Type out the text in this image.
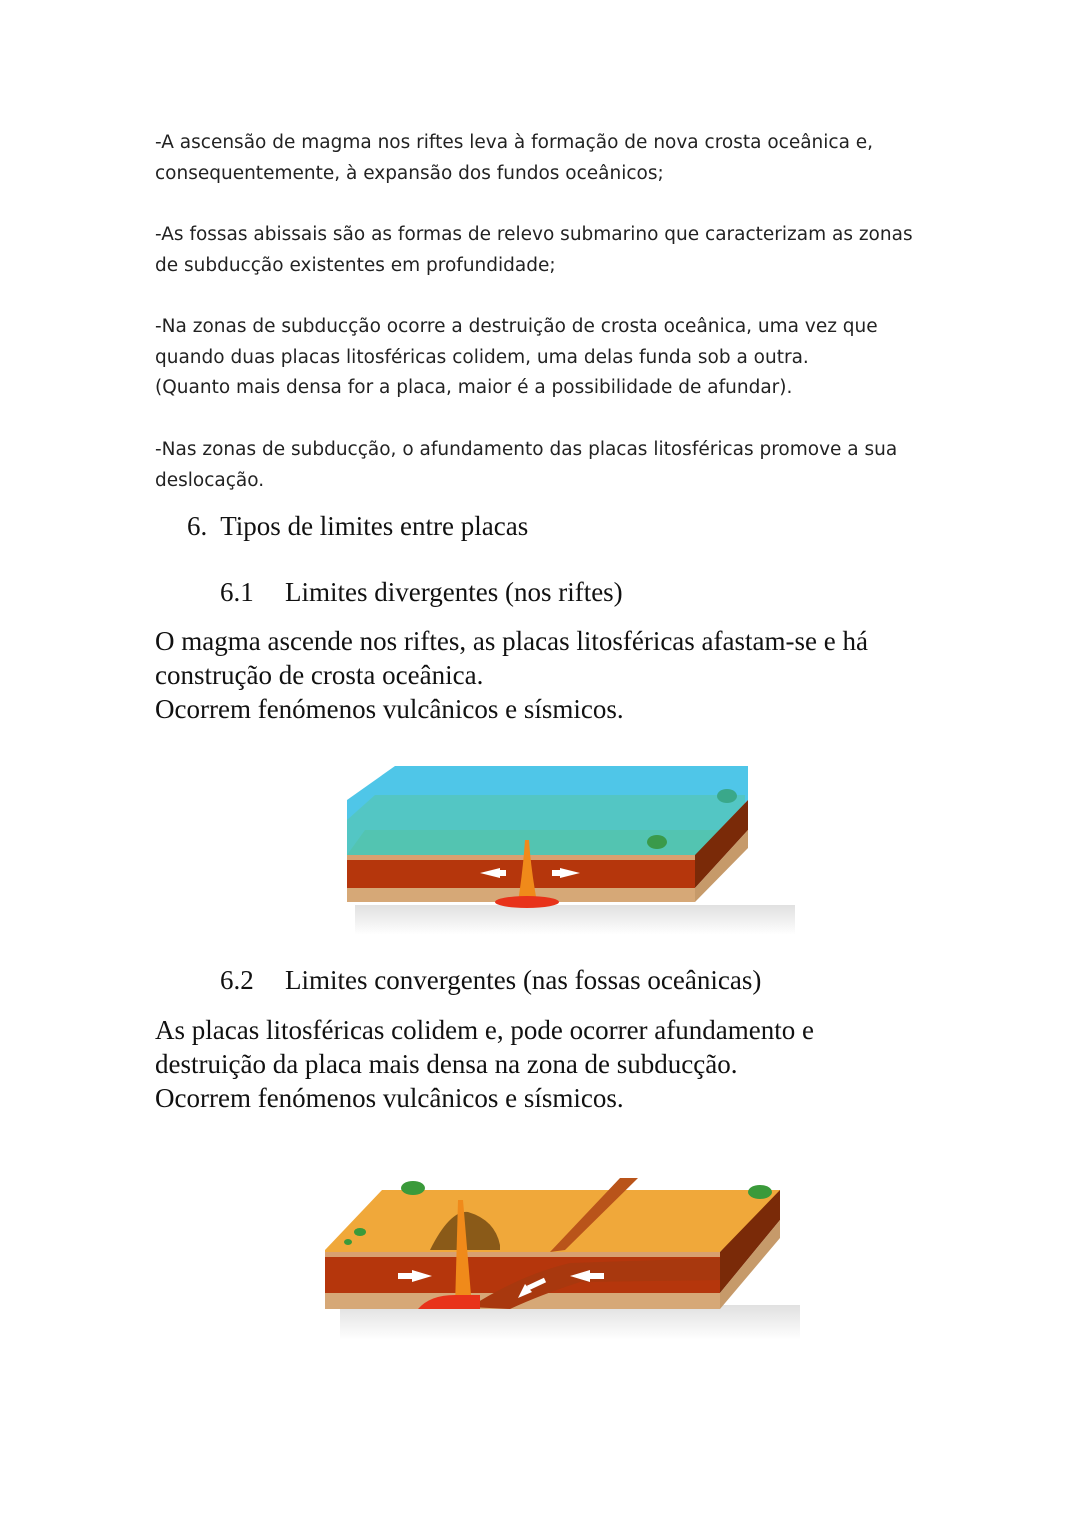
-A ascensão de magma nos riftes leva à formação de nova crosta oceânica e,
consequentemente, à expansão dos fundos oceânicos;
-As fossas abissais são as formas de relevo submarino que caracterizam as zonas
de subducção existentes em profundidade;
-Na zonas de subducção ocorre a destruição de crosta oceânica, uma vez que
quando duas placas litosféricas colidem, uma delas funda sob a outra.
(Quanto mais densa for a placa, maior é a possibilidade de afundar).
-Nas zonas de subducção, o afundamento das placas litosféricas promove a sua
deslocação.
6. Tipos de limites entre placas
6.1 Limites divergentes (nos riftes)
O magma ascende nos riftes, as placas litosféricas afastam-se e há
construção de crosta oceânica.
Ocorrem fenómenos vulcânicos e sísmicos.
6.2 Limites convergentes (nas fossas oceânicas)
As placas litosféricas colidem e, pode ocorrer afundamento e
destruição da placa mais densa na zona de subducção.
Ocorrem fenómenos vulcânicos e sísmicos.
